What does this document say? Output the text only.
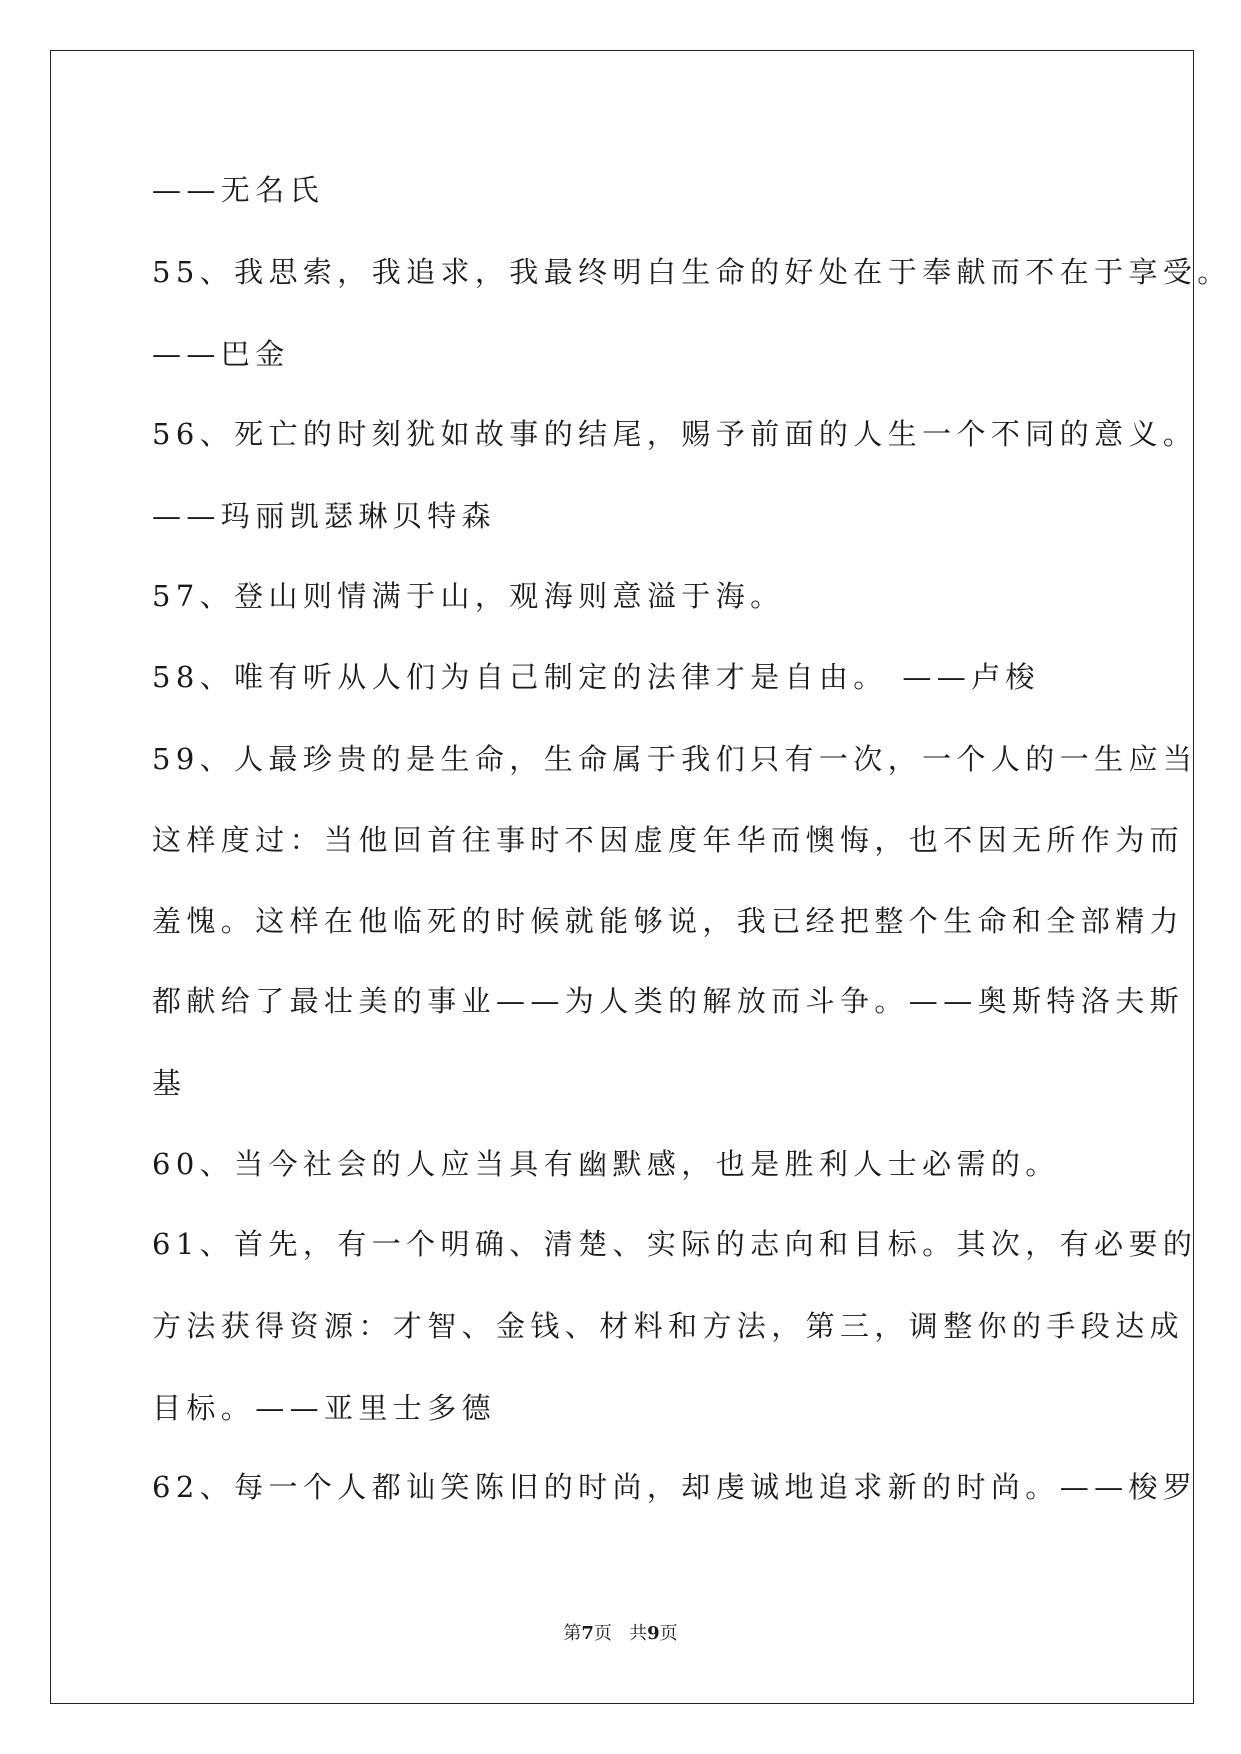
——无名氏
55、我思索，我追求，我最终明白生命的好处在于奉献而不在于享受。
——巴金
56、死亡的时刻犹如故事的结尾，赐予前面的人生一个不同的意义。
——玛丽凯瑟琳贝特森
57、登山则情满于山，观海则意溢于海。
58、唯有听从人们为自己制定的法律才是自由。 ——卢梭
59、人最珍贵的是生命，生命属于我们只有一次，一个人的一生应当
这样度过：当他回首往事时不因虚度年华而懊悔，也不因无所作为而
羞愧。这样在他临死的时候就能够说，我已经把整个生命和全部精力
都献给了最壮美的事业——为人类的解放而斗争。——奥斯特洛夫斯
基
60、当今社会的人应当具有幽默感，也是胜利人士必需的。
61、首先，有一个明确、清楚、实际的志向和目标。其次，有必要的
方法获得资源：才智、金钱、材料和方法，第三，调整你的手段达成
目标。——亚里士多德
62、每一个人都讪笑陈旧的时尚，却虔诚地追求新的时尚。——梭罗
第7页   共9页
